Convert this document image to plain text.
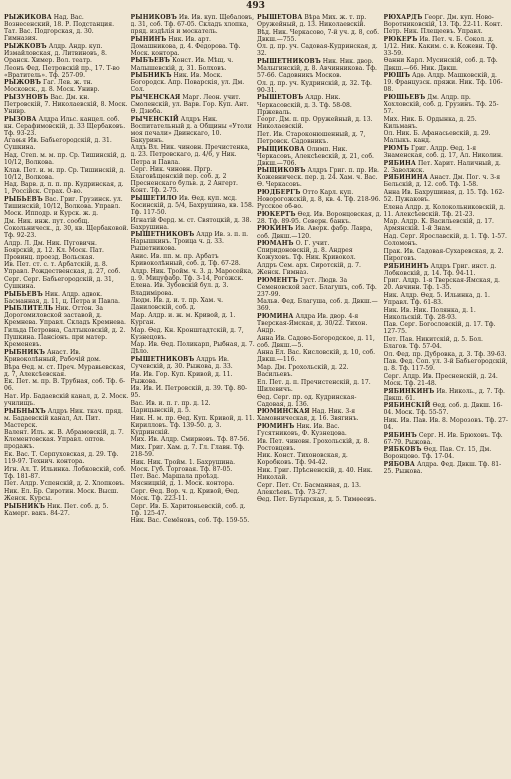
493
РЫЖИКОВА Над. Вас. Вознесенский, 18. Р. Подстанция. Тат. Вас. Подгорская, д. 30. Гимназия.
РЫЖКОВЪ Алдр. Андр. куп. Измайловская, д. Литвиновъ, 8. Оранск. Химер. Вол. театр.
Леонъ Фед. Петровскій пр., 17. Т-во «Вратитель». Тф. 257-09.
РЫЖОВЪ Гаг. Лев. ж. тн. Московск., д. 8. Моск. Унивр.
РЫЗУНОВЪ Вас. Дм. кн. Петровскій, 7. Николаевскій, 8. Моск. Унивр.
РЫЗОВА Алдра Ильс. канцел. соб. кн. Серафимовскій, д. 33 Щербаковъ. Тф. 93-23.
Агаѳья Ив. Бабьегородскій, д. 31. Сушкина.
Над. Степ. м. м. пр. Ср. Тишинскій, д. 10/12, Волкова.
Клав. Пет. и. м. пр. Ср. Тишинскій, д. 10/12, Волкова.
Над. Варв. д. п. п. пр. Кудринская, д. 1, Россійск. Страх. О-во.
РЫБЬЕВЪ Вас. Григ. Грузинск. ул. Тишинскій, 10/12, Волкова. Управл. Моск. Ипподр. и Курск. ж. д.
Дм. Ник. инж. пут. сообщ. Сокольническ., д. 30, кв. Щербаковой. Тф. 92-23.
Алдр. Л. Дм. Ник. Пуговичн. Боярскій, д. 12. Кл. Моск. Пат. Провинц. проезд. Вольская.
Ив. Пет. ст. с. т. Арбатскій, д. 8. Управл. Рождественская, д. 27, соб.
Серг. Серг. Бабьегородскій, д. 31, Сушкина.
РЫБЬЕВЪ Ник. Алдр. адвок. Басманная, д. 11, ц. Петра и Павла.
РЫБЛИТЕЛЬ Ник. Оттон. За Дорогомиловской заставой, д. Кремнева. Управл. Складъ Кремнева.
Гильда Петровна, Салтыковскій, д. 2. Пушкина. Пансіонъ. при матер. Кременевъ.
РЫБНИКЪ Анаст. Ив. Кривоколѣнный, Рабочій дом.
Вѣра Ѳед. м. ст. Преч. Муравьевская, д. 7, Алексѣевская.
Ек. Пет. м. пр. В. Трубная, соб. Тф. 6-06.
Нат. Ир. Бадаевскій канал, д. 2. Моск. училищъ.
РЫБНЫХЪ Алдръ Ник. ткач. пряд. м. Бадаевскій канал, Ал. Пит. Мастерск.
Валент. Илъ. ж. В. Абрамовскій, д. 7. Клементовская. Управл. оптов. продажъ.
Ек. Вас. Т. Серпуховская, д. 29. Тф. 119-97. Технич. контора.
Игн. Ал. Т. Ильинка. Лобковскій, соб. Тф. 181-87.
Пет. Алдр. Успенскій, д. 2. Хлопковъ.
Ник. Ел. Бр. Сиротин. Моск. Высш. Женск. Курсы.
РЫБНИКЪ Ник. Пет. соб. д. 5. Камерг. вакъ. 84-27.
РЫНИКОВЪ Ив. Ив. куп. Щебаловъ, д. 31, соб. Тф. 67-05. Складъ хлопка, пряд. издѣлія и москатель.
РЫНИНЪ Ник. Ив. арт. Домашникова, д. 4. Федорова. Тф. Моск. контора.
РЫБЪЕВЪ Конст. Ив. Мѣщ. ч. Малышевскій, д. 31. Болховъ.
РЫБНИКЪ Ник. Ив. Моск. Богородск. Апр. Поварскія, ул. Дм. Сол.
РЫЧЕНСКАЯ Марг. Леон. учит. Смоленскій, ул. Варв. Гор. Куп. Ант. Ѳ. Дзюба.
РЫЧЕНСКІЙ Алдръ Ник. Воспитательный д. а Общины «Утоли моя печали» Двинскаго, 10. Бакуринъ.
Алдъ Вл. Ник. чиновн. Пречистенка, д. 23. Петровскаго, д. 4/6, у Ник. Петра и Павла.
Серг. Ник. чиновн. Пргр. Благовѣщенскій пер. соб. д. 2 Пресненскаго бульв. д. 2 Ангерт. Конт. Тф. 2-75.
РЫШЕТИЛО Ив. Ѳед. куп. мсд. Косинскій, д. 5/4, Бахрушина, кв. 158. Тф. 117-50.
Игнатій Ферд. м. ст. Святоцкій, д. 38. Бахрушина.
РЫШЕТНИКОВЪ Алдр Ив. з. п. п. Нарышкинъ. Троица ч. д. 33. Рышетникова.
Анис. Ив. пп. м. пр. Арбатъ Кривоколѣнный, соб. д. Тф. 67-28.
Алдр. Ник. Тройм. ч. 3. д. Маросейка, д. 9. Мицуфабр. Тф. 3-14, Рогожск.
Елена. Ив. Зубовскій бул. д. 3. Владимірова.
Людм. Ив. д. и. т. пр. Хам. ч. Даниловскій, соб. д.
Мар. Алдр. и. ж. м. Кривой, д. 1. Курган.
Мар. Ѳед. Кн. Кронштадтскій, д. 7, Кузнецовъ.
Мар. Ив. Ѳед. Поликарп, Рыбная, д. 7. Дѣло.
РЫШЕТНИКОВЪ Алдръ Ив. Сучевскій, д. 30. Рыжова, д. 33.
Ив. Ив. Гор. Куп. Кривой, д. 11. Рыжова.
Ив. Ив. И. Петровскій, д. 39. Тф. 80-95.
Вас. Ив. и. п. г. пр. д. 12. Царицынскій, д. 5.
Ник. Н. м. пр. Ѳед. Куп. Кривой, д. 11. Кирилловъ. Тф. 139-50. д. 3. Кудринскій.
Мих. Ив. Алдр. Смирновъ. Тф. 87-56.
Мих. Григ. Хам. д. 7. Гл. Главн. Тф. 218-59.
Ник. Ник. Тройм. 1. Бахрушина. Моск. Губ. Торговая. Тф. 87-05.
Пет. Вас. Маршала проѣзд. Мясницкій, д. 1. Моск. контора.
Серг. Ѳед. Вор. ч. д. Кривой, Ѳед. Моск. Тф. 223-11.
Серг. Ив. Б. Харитоньевскій, соб. д. Тф. 125-47.
Ник. Вас. Семёновъ, соб. Тф. 159-55.
РЫШЕТОВА Вѣра Мих. ж. т. пр. Оружейный, д. 13. Николаевскій.
Вѣд. Ник. Черкасово, 7-й уч. д. 8, соб. Двкш.—755.
Ол. д. пр. уч. Садовая-Кудринская, д. 32.
РЫШЕТНИКОВЪ Ник. Ник. двор. Малыгинскій, д. 8. Авчинникова. Тф. 57-66. Садовникъ Москов.
Ол. д. пр. уч. Кудринскій, д. 32. Тф. 90-31.
РЫШЕТОВЪ Алдр. Ник. Черкасовскій, д. 3. Тф. 58-08. Пржеваль.
Георг. Дм. п. пр. Оружейный, д. 13. Николаевскій.
Пет. Ив. Староконюшенный, д. 7, Петровск. Садовникъ.
РЫЩИКОВА Олимп. Ник. Черкасовъ, Алексѣевскій, д. 21, соб. Двкш.—706.
РЫЩИКОВЪ Алдръ Григ. п. пр. Ив. Кожевническ. пер. д. 24. Хам. ч. Вас. Ѳ. Черкасовъ.
РЮДБЕРГЪ Отто Карл. куп. Новорогожскій, д. 8, кв. 4. Тф. 218-96. Русское об-во.
РЮКЕРТЪ Ѳед. Ив. Воронцовская, д. 28. Тф. 89-95. Северн. банкъ.
РЮКИНЪ Ив. Аверк. фабр. Лавра, соб. Двкш.—120.
РЮМАНЪ О. Г. учит. Спиридоновскій, д. 8. Андрея Кожуховъ. Тф. Ник. Кривокол.
Алдръ Сем. арх. Сиротскій, д. 7. Женск. Гимназ.
РЮМЕНТЪ Густ. Людв. За Семеновской заст. Благушъ, соб. Тф. 237-99.
Мальв. Фед. Благуша, соб. д. Двкш.—369.
РЮМИНА Алдра Ив. двор. 4-я Тверская-Ямская, д. 30/22. Тихон. Андр.
Анна Ив. Садово-Богородское, д. 11, соб. Двкш.—5.
Анна Ел. Вас. Кисловскій, д. 10, соб. Двкш.—116.
Мар. Дм. Грохольскій, д. 22. Васильевъ.
Ел. Пет. д. п. Пречистенскій, д. 17. Шилевичъ.
Ѳед. Серг. пр. од. Кудринская-Садовая, д. 136.
РЮМИНСКАЯ Над. Ник. 3-я Хамовническая, д. 16. Звягинъ.
РЮМИНЪ Ник. Ив. Вас. Гусятниковъ, Ф. Кузнецова.
Ив. Пет. чиновн. Грохольскій, д. 8. Ростовцевъ.
Ник. Конст. Тихоновская, д. Коробковъ. Тф. 94-42.
Ник. Григ. Прѣсненскій, д. 40. Ник. Николай.
Серг. Пет. Ст. Басманная, д. 13. Алексѣевъ. Тф. 73-27.
Ѳед. Пет. Бутырская, д. 5. Тимѳеевъ.
РЮХАРДЪ Георг. Дм. куп. Ново-Воротниковскій, 13. Тф. 22-11. Конт. Петр. Ник. Плещеевъ. Управл.
РЮКЕРЪ Ив. Пет. ч. Б. Сокол. д. 1/12. Ник. Каким. с. в. Кожевн. Тф. 33-59.
Ѳанни Карл. Мусинскій, соб. д. Тф. Двкш.—66. Ник. Двкш.
РЮШЪ Адѳ. Алдр. Машковскій, д. 19. Французск. пряжи. Ник. Тф. 106-08.
РЮШЬЕВЪ Дм. Алдр. пр. Хохловскій, соб. д. Грузинъ. Тф. 25-57.
Мих. Ник. Б. Ордынка, д. 25. Кильманъ.
Ол. Ник. Б. Афанасьевскій, д. 29. Малыкъ. канд.
РЮМЪ Григ. Алдр. Ѳед. 1-я Знаменская, соб. д. 17, Ал. Николин.
РЯБИНА Пет. Харит. Наличный, д. 2. Заволжск.
РЯБИНИНА Анаст. Дм. Пог. ч. 3-я Бельскій, д. 12. соб. Тф. 1-58.
Анна Ив. Бахрушиная, д. 15. Тф. 162-52. Пужаковъ.
Елена Алдр. д. Колокольниковскій, д. 11. Алексѣевскій. Тф. 21-23.
Мар. Алдр. К. Васильевскій, д. 17. Армянскій. 1-й Знам.
Над. Серг. Ярославскій, д. 1. Тф. 1-57. Соломонъ.
Прак. Ив. Садовая-Сухаревская, д. 2. Пироговъ.
РЯБИНИНЪ Алдръ Григ. инст. д. Лобковскій, д. 14. Тф. 94-11.
Григ. Алдр. 1-я Тверская-Ямская, д. 20. Авчинн. Тф. 1-35.
Ник. Алдр. Ѳед. 5. Ильинка, д. 1. Управл. Тф. 61-83.
Ник. Ив. Ник. Полянка, д. 1. Никольскій. Тф. 28-93.
Пав. Серг. Богословскій, д. 17. Тф. 127-75.
Пет. Пав. Никитскій, д. 5. Бол. Благов. Тф. 57-04.
Ол. Фед. пр. Дубровка, д. 3. Тф. 39-63.
Пав. Фед. Соп. ул. 3-й Бабьегородскій, д. 8. Тф. 117-59.
Серг. Алдр. Ив. Пресненскій, д. 24. Моск. Тф. 21-48.
РЯБИНКИНЪ Ив. Николь., д. 7. Тф. Двкш. 61.
РЯБИНСКІЙ Ѳед. соб. д. Двкш. 16-04. Моск. Тф. 55-57.
Ник. Ив. Пав. Ив. 8. Морозовъ. Тф. 27-04.
РЯБИНЪ Серг. Н. Ив. Брюховъ. Тф. 67-79. Рыжова.
РЯБКОВЪ Ѳед. Пав. Ст. 15, Дм. Воронцово. Тф. 17-04.
РЯБОВА Алдра. Фед. Двкш. Тф. 81-25. Рыжова.
